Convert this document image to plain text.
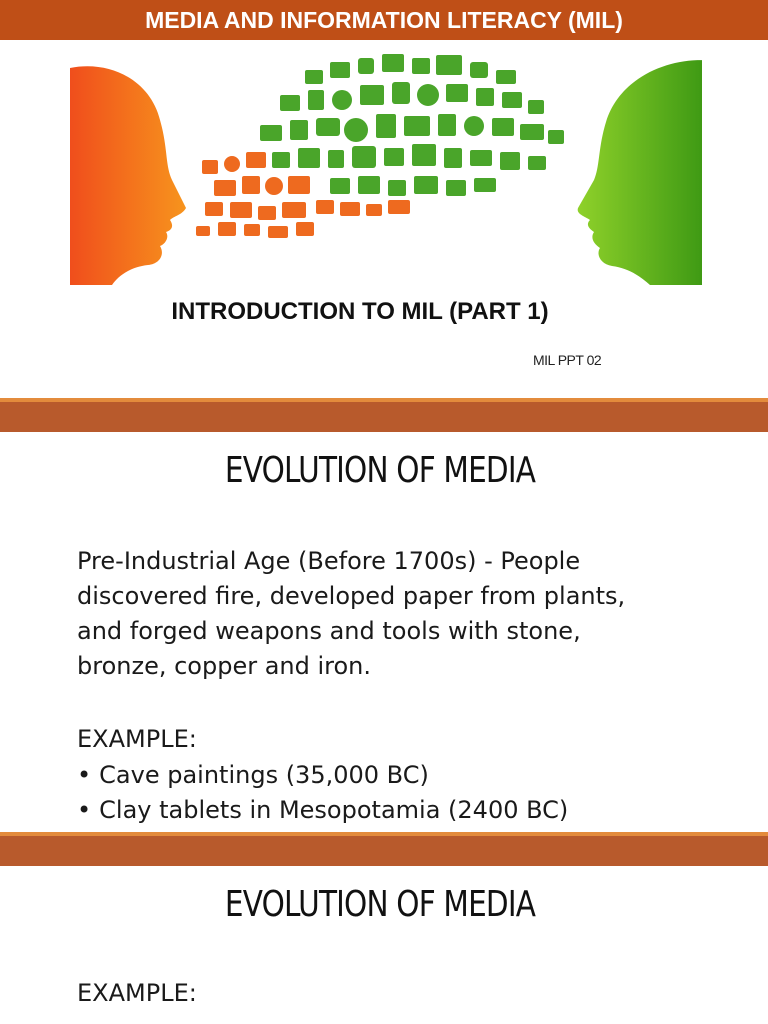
MEDIA AND INFORMATION LITERACY (MIL)
INTRODUCTION TO MIL (PART 1)
MIL PPT 02
EVOLUTION OF MEDIA
Pre-Industrial Age (Before 1700s) - People
discovered fire, developed paper from plants,
and forged weapons and tools with stone,
bronze, copper and iron.
EXAMPLE:
• Cave paintings (35,000 BC)
• Clay tablets in Mesopotamia (2400 BC)
EVOLUTION OF MEDIA
EXAMPLE:
